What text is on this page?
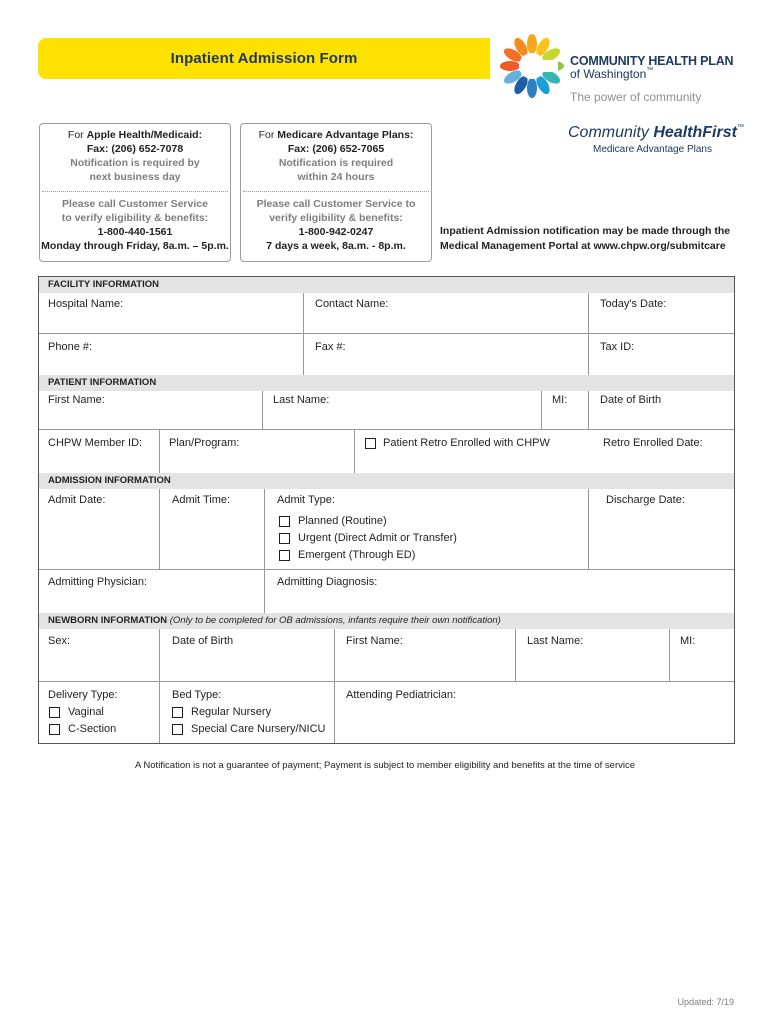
Inpatient Admission Form	COMMUNITY HEALTH PLAN
of Washington™
The power of community
Community HealthFirst™
Medicare Advantage Plans
For Apple Health/Medicaid:
Fax: (206) 652-7078
Notification is required by
next business day
Please call Customer Service
to verify eligibility & benefits:
1-800-440-1561
Monday through Friday, 8a.m. – 5p.m.
For Medicare Advantage Plans:
Fax: (206) 652-7065
Notification is required
within 24 hours
Please call Customer Service to
verify eligibility & benefits:
1-800-942-0247
7 days a week, 8a.m. - 8p.m.
Inpatient Admission notification may be made through the
Medical Management Portal at www.chpw.org/submitcare
FACILITY INFORMATION
Hospital Name:	Contact Name:	Today's Date:
Phone #:	Fax #:	Tax ID:
PATIENT INFORMATION
First Name:	Last Name:	MI:	Date of Birth
CHPW Member ID: Plan/Program:	Patient Retro Enrolled with CHPW	Retro Enrolled Date:
ADMISSION INFORMATION
Admit Date:	Admit Time:	Admit Type:
Planned (Routine)
Urgent (Direct Admit or Transfer)
Emergent (Through ED)
Discharge Date:
Admitting Physician:	Admitting Diagnosis:
NEWBORN INFORMATION (Only to be completed for OB admissions, infants require their own notification)
Sex:	Date of Birth	First Name:	Last Name:	MI:
Delivery Type:
Vaginal
C-Section
Bed Type:
Regular Nursery
Special Care Nursery/NICU
Attending Pediatrician:
A Notification is not a guarantee of payment; Payment is subject to member eligibility and benefits at the time of service
Updated: 7/19
